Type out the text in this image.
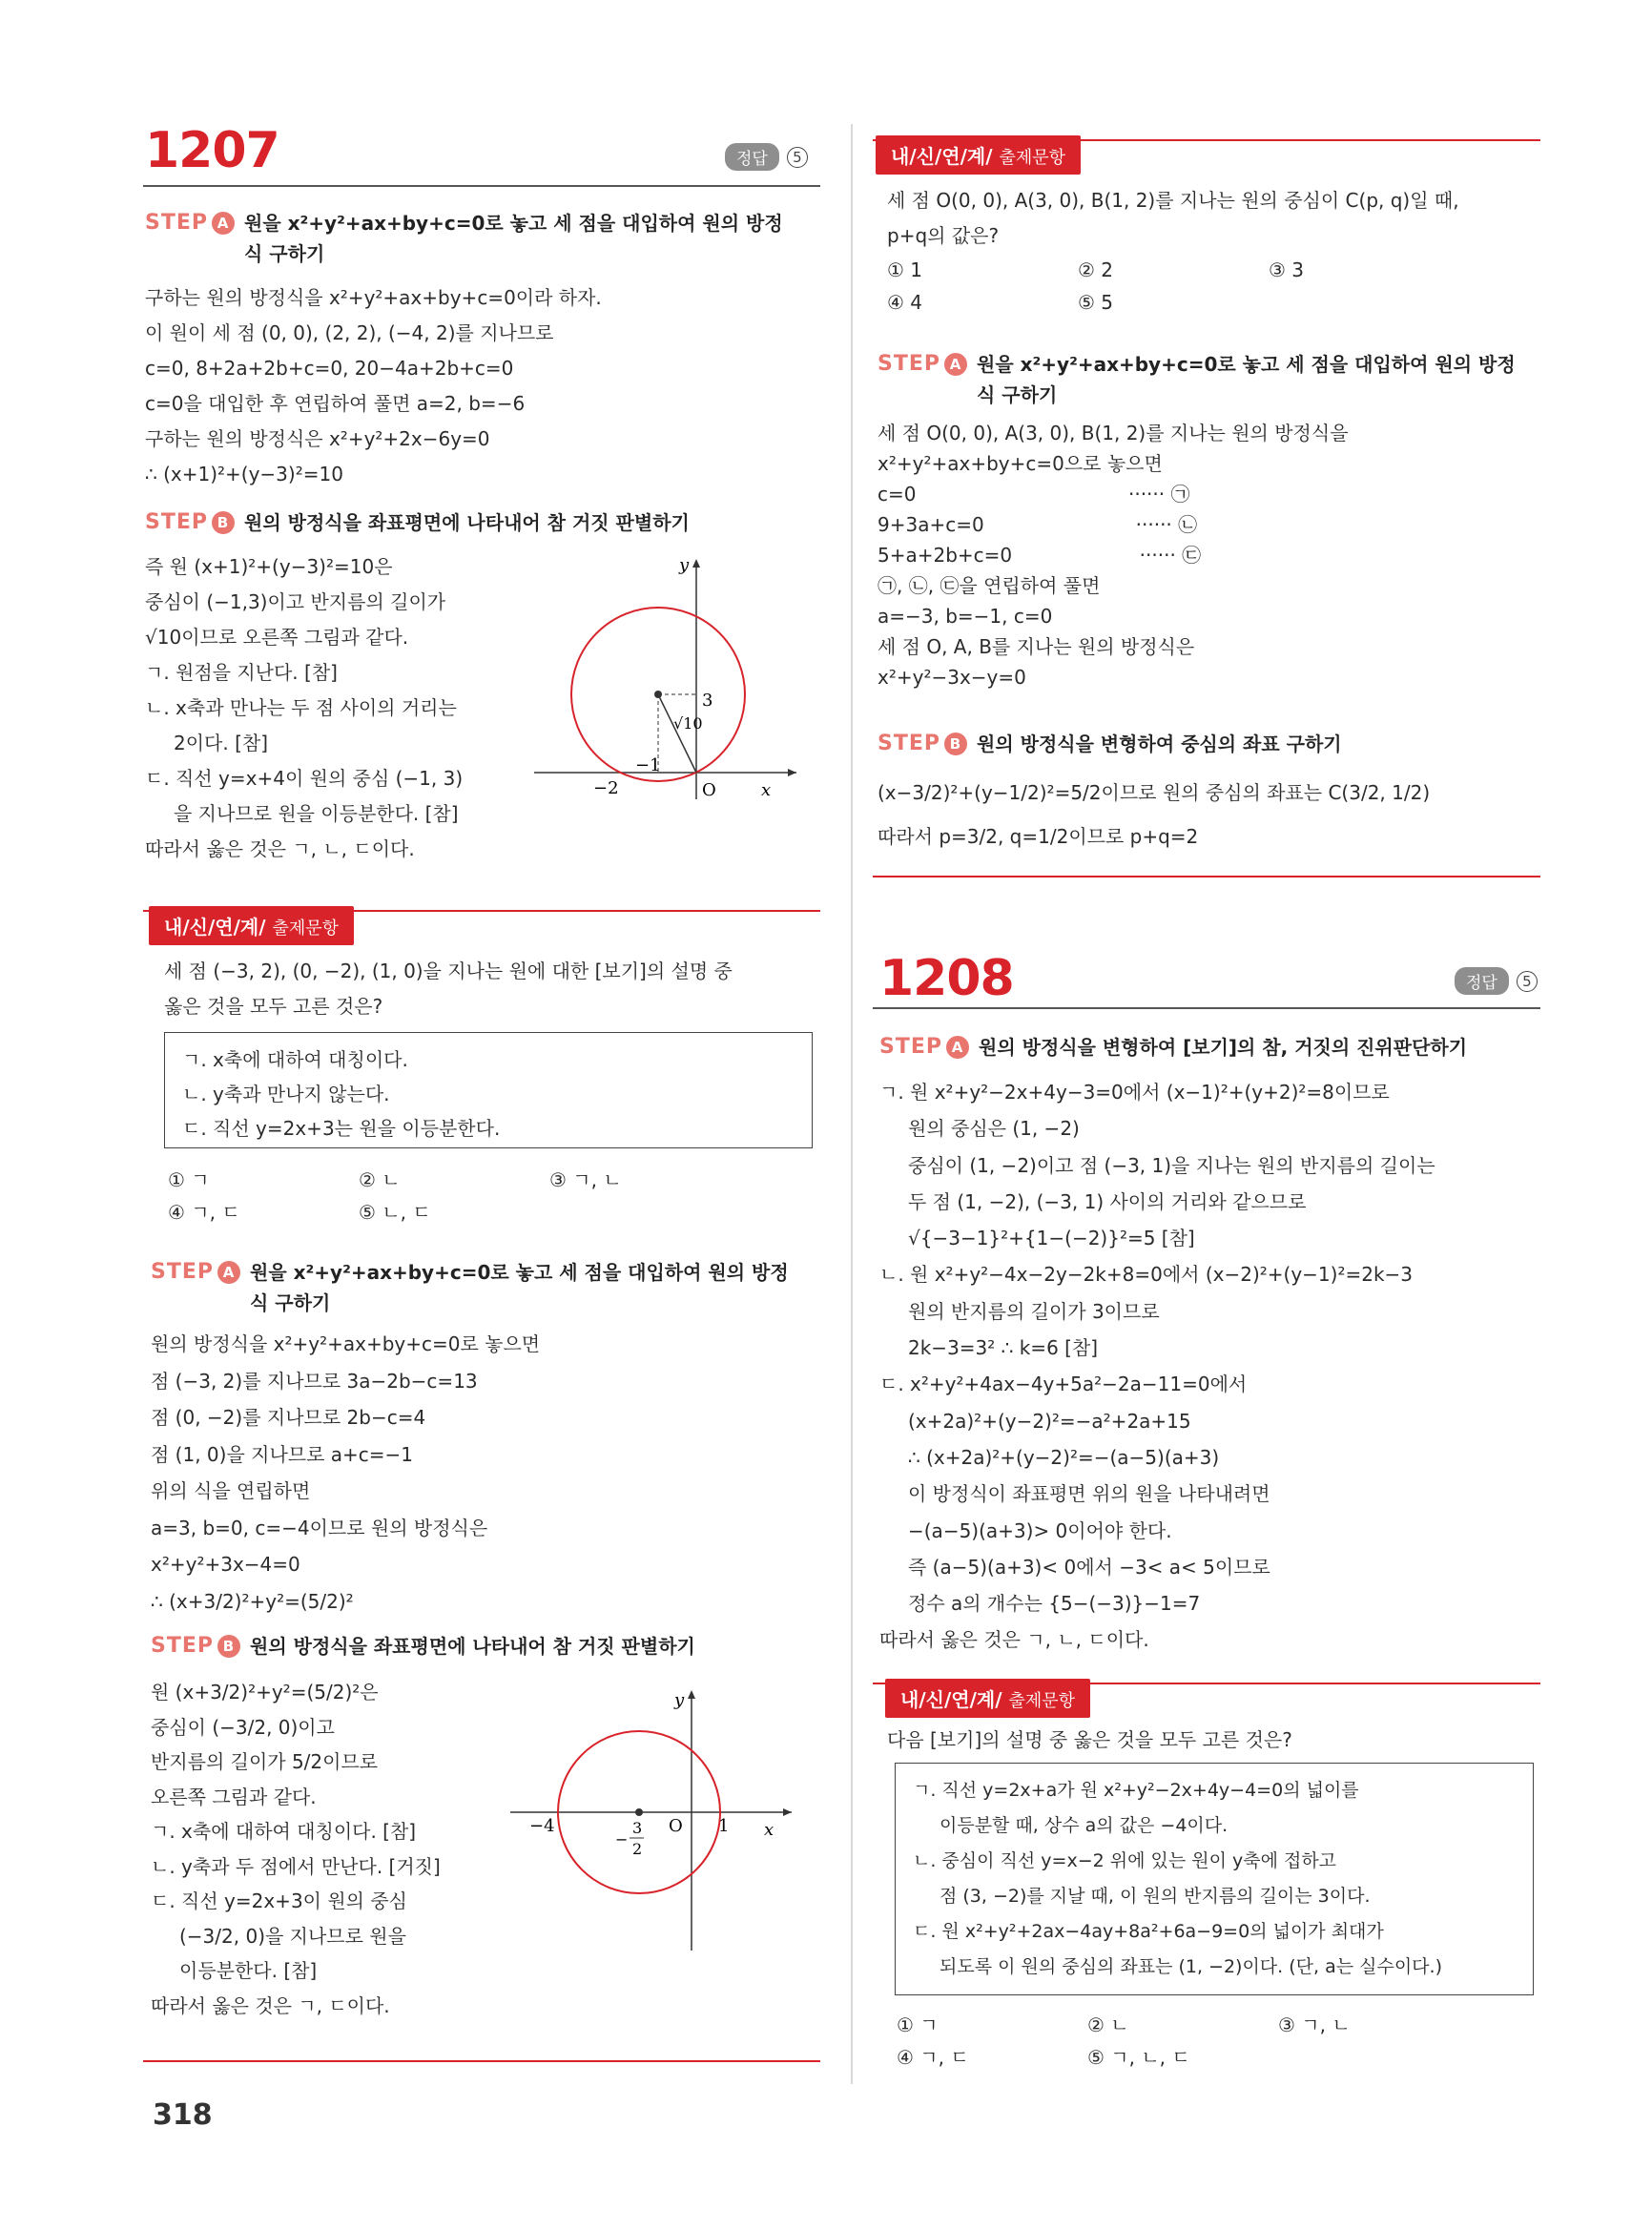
1207	정답	5
STEP A 원을 x²+y²+ax+by+c=0로 놓고 세 점을 대입하여 원의 방정식 구하기
구하는 원의 방정식을 x²+y²+ax+by+c=0이라 하자.
이 원이 세 점 (0, 0), (2, 2), (−4, 2)를 지나므로
c=0, 8+2a+2b+c=0, 20−4a+2b+c=0
c=0을 대입한 후 연립하여 풀면 a=2, b=−6
구하는 원의 방정식은 x²+y²+2x−6y=0
∴ (x+1)²+(y−3)²=10
STEP B 원의 방정식을 좌표평면에 나타내어 참 거짓 판별하기
즉 원 (x+1)²+(y−3)²=10은
중심이 (−1,3)이고 반지름의 길이가
√10이므로 오른쪽 그림과 같다.
ㄱ. 원점을 지난다. [참]
ㄴ. x축과 만나는 두 점 사이의 거리는
2이다. [참]
ㄷ. 직선 y=x+4이 원의 중심 (−1, 3)
을 지나므로 원을 이등분한다. [참]
따라서 옳은 것은 ㄱ, ㄴ, ㄷ이다.
y
x
O
−2
−1
3
√10
내/신/연/계/ 출제문항
세 점 (−3, 2), (0, −2), (1, 0)을 지나는 원에 대한 [보기]의 설명 중
옳은 것을 모두 고른 것은?
ㄱ. x축에 대하여 대칭이다.
ㄴ. y축과 만나지 않는다.
ㄷ. 직선 y=2x+3는 원을 이등분한다.
① ㄱ	② ㄴ	③ ㄱ, ㄴ
④ ㄱ, ㄷ	⑤ ㄴ, ㄷ
STEP A 원을 x²+y²+ax+by+c=0로 놓고 세 점을 대입하여 원의 방정식 구하기
원의 방정식을 x²+y²+ax+by+c=0로 놓으면
점 (−3, 2)를 지나므로 3a−2b−c=13
점 (0, −2)를 지나므로 2b−c=4
점 (1, 0)을 지나므로 a+c=−1
위의 식을 연립하면
a=3, b=0, c=−4이므로 원의 방정식은
x²+y²+3x−4=0
∴ (x+3/2)²+y²=(5/2)²
STEP B 원의 방정식을 좌표평면에 나타내어 참 거짓 판별하기
원 (x+3/2)²+y²=(5/2)²은
중심이 (−3/2, 0)이고
반지름의 길이가 5/2이므로
오른쪽 그림과 같다.
ㄱ. x축에 대하여 대칭이다. [참]
ㄴ. y축과 두 점에서 만난다. [거짓]
ㄷ. 직선 y=2x+3이 원의 중심
(−3/2, 0)을 지나므로 원을
이등분한다. [참]
따라서 옳은 것은 ㄱ, ㄷ이다.
y
x
O
−4	1
−
3
2
318
내/신/연/계/ 출제문항
세 점 O(0, 0), A(3, 0), B(1, 2)를 지나는 원의 중심이 C(p, q)일 때,
p+q의 값은?
① 1	② 2	③ 3
④ 4	⑤ 5
STEP A 원을 x²+y²+ax+by+c=0로 놓고 세 점을 대입하여 원의 방정식 구하기
세 점 O(0, 0), A(3, 0), B(1, 2)를 지나는 원의 방정식을
x²+y²+ax+by+c=0으로 놓으면
c=0                                   ······ ㉠
9+3a+c=0                         ······ ㉡
5+a+2b+c=0                     ······ ㉢
㉠, ㉡, ㉢을 연립하여 풀면
a=−3, b=−1, c=0
세 점 O, A, B를 지나는 원의 방정식은
x²+y²−3x−y=0
STEP B 원의 방정식을 변형하여 중심의 좌표 구하기
(x−3/2)²+(y−1/2)²=5/2이므로 원의 중심의 좌표는 C(3/2, 1/2)
따라서 p=3/2, q=1/2이므로 p+q=2
1208	정답	5
STEP A 원의 방정식을 변형하여 [보기]의 참, 거짓의 진위판단하기
ㄱ. 원 x²+y²−2x+4y−3=0에서 (x−1)²+(y+2)²=8이므로
원의 중심은 (1, −2)
중심이 (1, −2)이고 점 (−3, 1)을 지나는 원의 반지름의 길이는
두 점 (1, −2), (−3, 1) 사이의 거리와 같으므로
√{−3−1}²+{1−(−2)}²=5 [참]
ㄴ. 원 x²+y²−4x−2y−2k+8=0에서 (x−2)²+(y−1)²=2k−3
원의 반지름의 길이가 3이므로
2k−3=3² ∴ k=6 [참]
ㄷ. x²+y²+4ax−4y+5a²−2a−11=0에서
(x+2a)²+(y−2)²=−a²+2a+15
∴ (x+2a)²+(y−2)²=−(a−5)(a+3)
이 방정식이 좌표평면 위의 원을 나타내려면
−(a−5)(a+3)> 0이어야 한다.
즉 (a−5)(a+3)< 0에서 −3< a< 5이므로
정수 a의 개수는 {5−(−3)}−1=7
따라서 옳은 것은 ㄱ, ㄴ, ㄷ이다.
내/신/연/계/ 출제문항
다음 [보기]의 설명 중 옳은 것을 모두 고른 것은?
ㄱ. 직선 y=2x+a가 원 x²+y²−2x+4y−4=0의 넓이를
이등분할 때, 상수 a의 값은 −4이다.
ㄴ. 중심이 직선 y=x−2 위에 있는 원이 y축에 접하고
점 (3, −2)를 지날 때, 이 원의 반지름의 길이는 3이다.
ㄷ. 원 x²+y²+2ax−4ay+8a²+6a−9=0의 넓이가 최대가
되도록 이 원의 중심의 좌표는 (1, −2)이다. (단, a는 실수이다.)
① ㄱ	② ㄴ	③ ㄱ, ㄴ
④ ㄱ, ㄷ	⑤ ㄱ, ㄴ, ㄷ
